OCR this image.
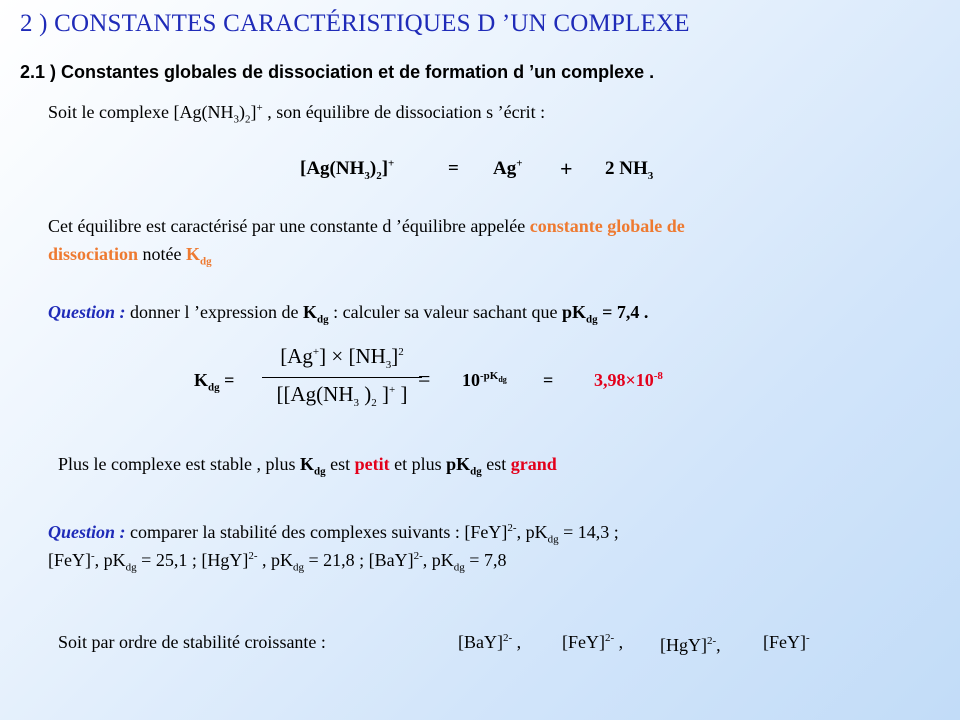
2 ) CONSTANTES CARACTÉRISTIQUES D ’UN COMPLEXE
2.1 ) Constantes globales de dissociation et de formation d ’un complexe .
Soit le complexe $[Ag(NH_3)_2]^+$ , son équilibre de dissociation s ’écrit :
$[Ag(NH_3)_2]^+$	= Ag+ + 2 $NH_3$
Cet équilibre est caractérisé par une constante d ’équilibre appelée constante globale de
dissociation notée $K_{dg}$
Question : donner l ’expression de $K_{dg}$ : calculer sa valeur sachant que $pK_{dg} = 7,4$ .
$K_{dg}$ =
$[Ag^+] \times [NH_3]^2$
[[$Ag(NH_3$ )$_2$ ]+ ]
= $10^{-pK_{dg}} = 3,98\times 10^{-8}$
Plus le complexe est stable , plus $K_{dg}$ est petit et plus $pK_{dg}$ est grand
Question : comparer la stabilité des complexes suivants : [FeY]$^{2-}$, $pK_{dg} = 14,3$ ;
[FeY]-, $pK_{dg} = 25,1$ ; [HgY]$^{2-}$ , $pK_{dg} = 21,8$ ; [BaY]$^{2-}$, $pK_{dg} = 7,8$
Soit par ordre de stabilité croissante :	[BaY]$^{2-}$ , [FeY]$^{2-}$ , [HgY]$^{2-}$, [FeY]-
